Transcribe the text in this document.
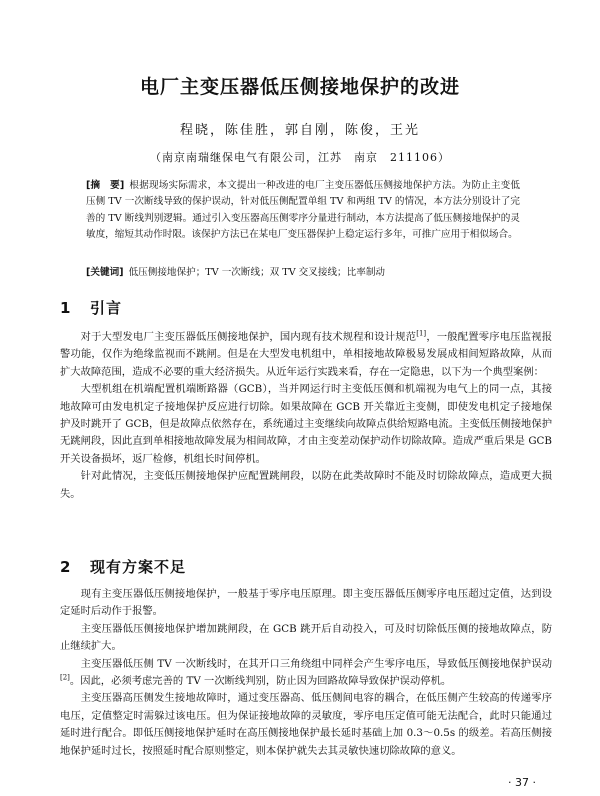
电厂主变压器低压侧接地保护的改进

程晓，陈佳胜，郭自刚，陈俊，王光

（南京南瑞继保电气有限公司，江苏　南京　211106）

[摘　要] 根据现场实际需求，本文提出一种改进的电厂主变压器低压侧接地保护方法。为防止主变低压侧 TV 一次断线导致的保护误动，针对低压侧配置单组 TV 和两组 TV 的情况，本方法分别设计了完善的 TV 断线判别逻辑。通过引入变压器高压侧零序分量进行制动，本方法提高了低压侧接地保护的灵敏度，缩短其动作时限。该保护方法已在某电厂变压器保护上稳定运行多年，可推广应用于相似场合。

[关键词] 低压侧接地保护；TV 一次断线；双 TV 交叉接线；比率制动

1 引言

对于大型发电厂主变压器低压侧接地保护，国内现有技术规程和设计规范[1]，一般配置零序电压监视报警功能，仅作为绝缘监视而不跳闸。但是在大型发电机组中，单相接地故障极易发展成相间短路故障，从而扩大故障范围，造成不必要的重大经济损失。从近年运行实践来看，存在一定隐患，以下为一个典型案例：

大型机组在机端配置机端断路器（GCB），当并网运行时主变低压侧和机端视为电气上的同一点，其接地故障可由发电机定子接地保护反应进行切除。如果故障在 GCB 开关靠近主变侧，即使发电机定子接地保护及时跳开了 GCB，但是故障点依然存在，系统通过主变继续向故障点供给短路电流。主变低压侧接地保护无跳闸段，因此直到单相接地故障发展为相间故障，才由主变差动保护动作切除故障。造成严重后果是 GCB 开关设备损坏，返厂检修，机组长时间停机。

针对此情况，主变低压侧接地保护应配置跳闸段，以防在此类故障时不能及时切除故障点，造成更大损失。

2 现有方案不足

现有主变压器低压侧接地保护，一般基于零序电压原理。即主变压器低压侧零序电压超过定值，达到设定延时后动作于报警。

主变压器低压侧接地保护增加跳闸段，在 GCB 跳开后自动投入，可及时切除低压侧的接地故障点，防止继续扩大。

主变压器低压侧 TV 一次断线时，在其开口三角绕组中同样会产生零序电压，导致低压侧接地保护误动[2]。因此，必须考虑完善的 TV 一次断线判别，防止因为回路故障导致保护误动停机。

主变压器高压侧发生接地故障时，通过变压器高、低压侧间电容的耦合，在低压侧产生较高的传递零序电压，定值整定时需躲过该电压。但为保证接地故障的灵敏度，零序电压定值可能无法配合，此时只能通过延时进行配合。即低压侧接地保护延时在高压侧接地保护最长延时基础上加 0.3～0.5s 的级差。若高压侧接地保护延时过长，按照延时配合原则整定，则本保护就失去其灵敏快速切除故障的意义。

· 37 ·
